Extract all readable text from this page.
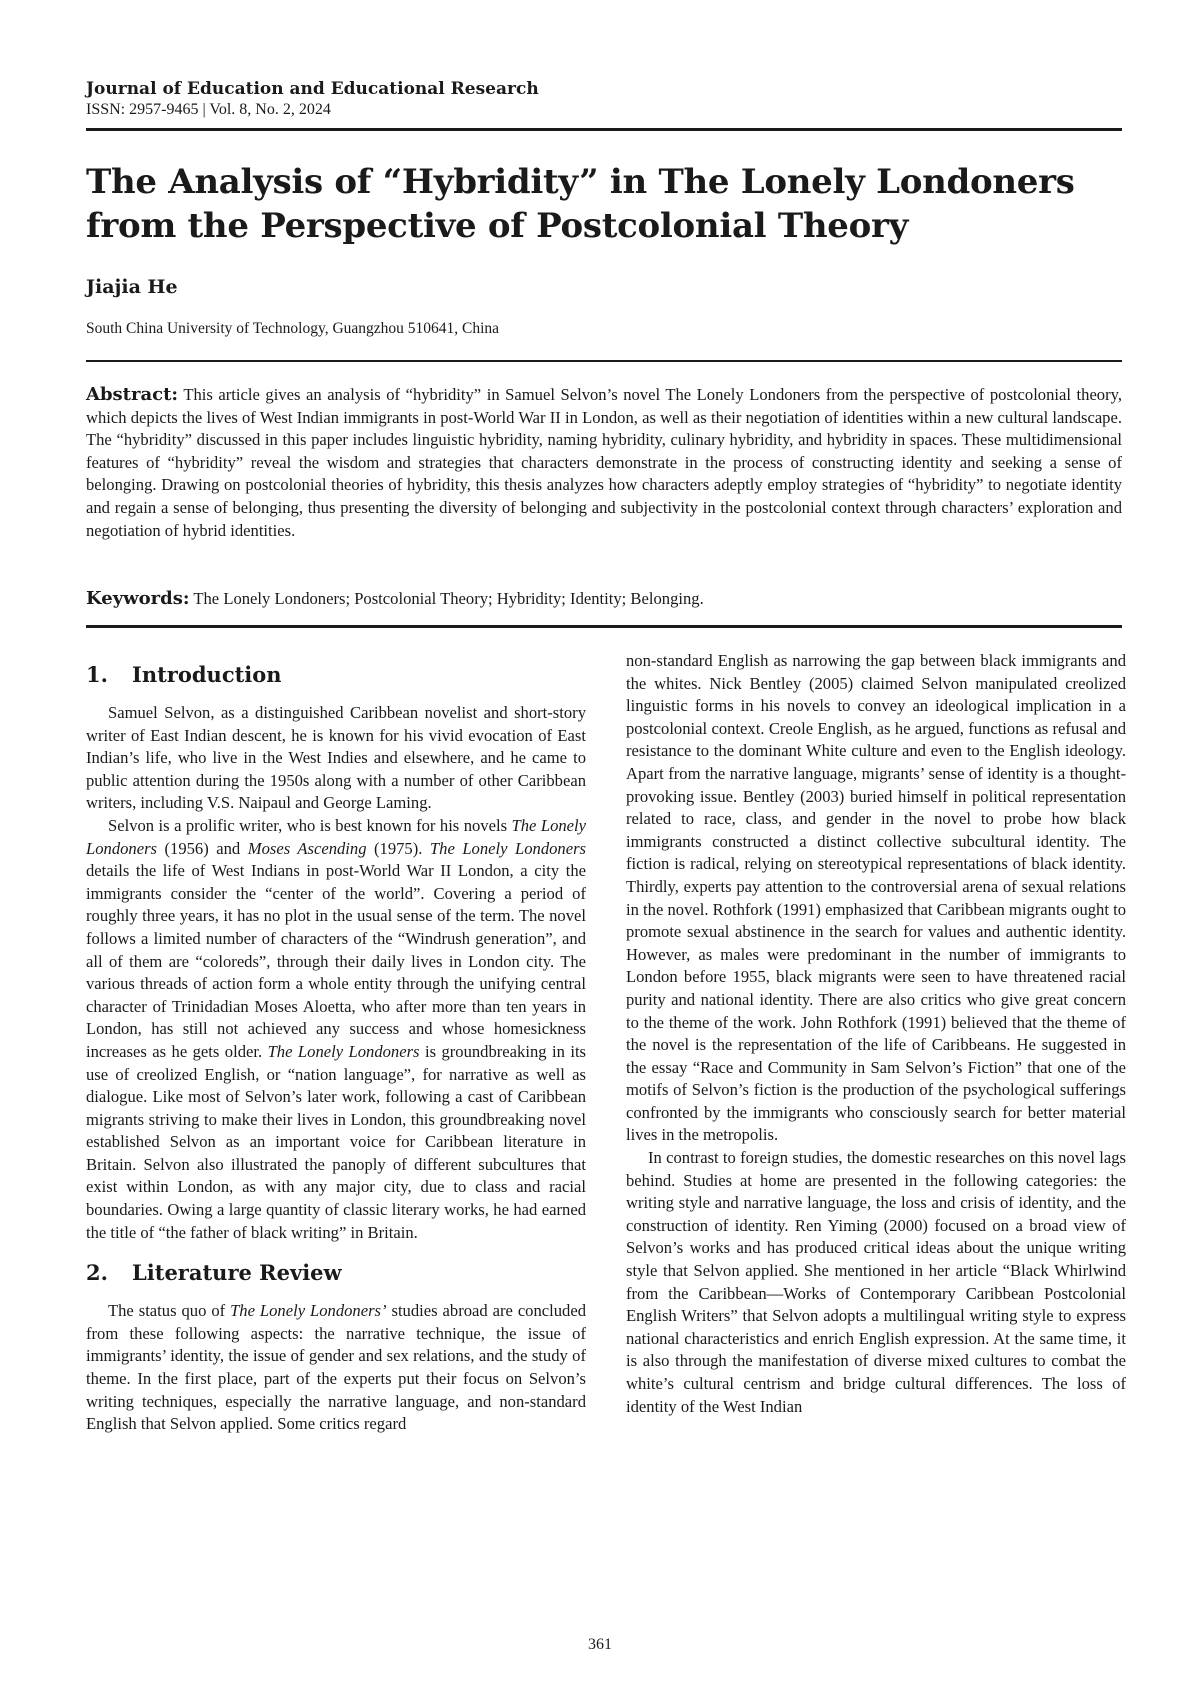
Journal of Education and Educational Research
ISSN: 2957-9465 | Vol. 8, No. 2, 2024
The Analysis of “Hybridity” in The Lonely Londoners from the Perspective of Postcolonial Theory
Jiajia He
South China University of Technology, Guangzhou 510641, China

Abstract: This article gives an analysis of “hybridity” in Samuel Selvon’s novel The Lonely Londoners from the perspective of postcolonial theory, which depicts the lives of West Indian immigrants in post-World War II in London, as well as their negotiation of identities within a new cultural landscape. The “hybridity” discussed in this paper includes linguistic hybridity, naming hybridity, culinary hybridity, and hybridity in spaces. These multidimensional features of “hybridity” reveal the wisdom and strategies that characters demonstrate in the process of constructing identity and seeking a sense of belonging. Drawing on postcolonial theories of hybridity, this thesis analyzes how characters adeptly employ strategies of “hybridity” to negotiate identity and regain a sense of belonging, thus presenting the diversity of belonging and subjectivity in the postcolonial context through characters’ exploration and negotiation of hybrid identities.

Keywords: The Lonely Londoners; Postcolonial Theory; Hybridity; Identity; Belonging.
1. Introduction

Samuel Selvon, as a distinguished Caribbean novelist and short-story writer of East Indian descent, he is known for his vivid evocation of East Indian’s life, who live in the West Indies and elsewhere, and he came to public attention during the 1950s along with a number of other Caribbean writers, including V.S. Naipaul and George Laming.

Selvon is a prolific writer, who is best known for his novels The Lonely Londoners (1956) and Moses Ascending (1975). The Lonely Londoners details the life of West Indians in post-World War II London, a city the immigrants consider the “center of the world”. Covering a period of roughly three years, it has no plot in the usual sense of the term. The novel follows a limited number of characters of the “Windrush generation”, and all of them are “coloreds”, through their daily lives in London city. The various threads of action form a whole entity through the unifying central character of Trinidadian Moses Aloetta, who after more than ten years in London, has still not achieved any success and whose homesickness increases as he gets older. The Lonely Londoners is groundbreaking in its use of creolized English, or “nation language”, for narrative as well as dialogue. Like most of Selvon’s later work, following a cast of Caribbean migrants striving to make their lives in London, this groundbreaking novel established Selvon as an important voice for Caribbean literature in Britain. Selvon also illustrated the panoply of different subcultures that exist within London, as with any major city, due to class and racial boundaries. Owing a large quantity of classic literary works, he had earned the title of “the father of black writing” in Britain.

2. Literature Review

The status quo of The Lonely Londoners’ studies abroad are concluded from these following aspects: the narrative technique, the issue of immigrants’ identity, the issue of gender and sex relations, and the study of theme. In the first place, part of the experts put their focus on Selvon’s writing techniques, especially the narrative language, and non-standard English that Selvon applied. Some critics regard

non-standard English as narrowing the gap between black immigrants and the whites. Nick Bentley (2005) claimed Selvon manipulated creolized linguistic forms in his novels to convey an ideological implication in a postcolonial context. Creole English, as he argued, functions as refusal and resistance to the dominant White culture and even to the English ideology. Apart from the narrative language, migrants’ sense of identity is a thought-provoking issue. Bentley (2003) buried himself in political representation related to race, class, and gender in the novel to probe how black immigrants constructed a distinct collective subcultural identity. The fiction is radical, relying on stereotypical representations of black identity. Thirdly, experts pay attention to the controversial arena of sexual relations in the novel. Rothfork (1991) emphasized that Caribbean migrants ought to promote sexual abstinence in the search for values and authentic identity. However, as males were predominant in the number of immigrants to London before 1955, black migrants were seen to have threatened racial purity and national identity. There are also critics who give great concern to the theme of the work. John Rothfork (1991) believed that the theme of the novel is the representation of the life of Caribbeans. He suggested in the essay “Race and Community in Sam Selvon’s Fiction” that one of the motifs of Selvon’s fiction is the production of the psychological sufferings confronted by the immigrants who consciously search for better material lives in the metropolis.

In contrast to foreign studies, the domestic researches on this novel lags behind. Studies at home are presented in the following categories: the writing style and narrative language, the loss and crisis of identity, and the construction of identity. Ren Yiming (2000) focused on a broad view of Selvon’s works and has produced critical ideas about the unique writing style that Selvon applied. She mentioned in her article “Black Whirlwind from the Caribbean—Works of Contemporary Caribbean Postcolonial English Writers” that Selvon adopts a multilingual writing style to express national characteristics and enrich English expression. At the same time, it is also through the manifestation of diverse mixed cultures to combat the white’s cultural centrism and bridge cultural differences. The loss of identity of the West Indian

361
